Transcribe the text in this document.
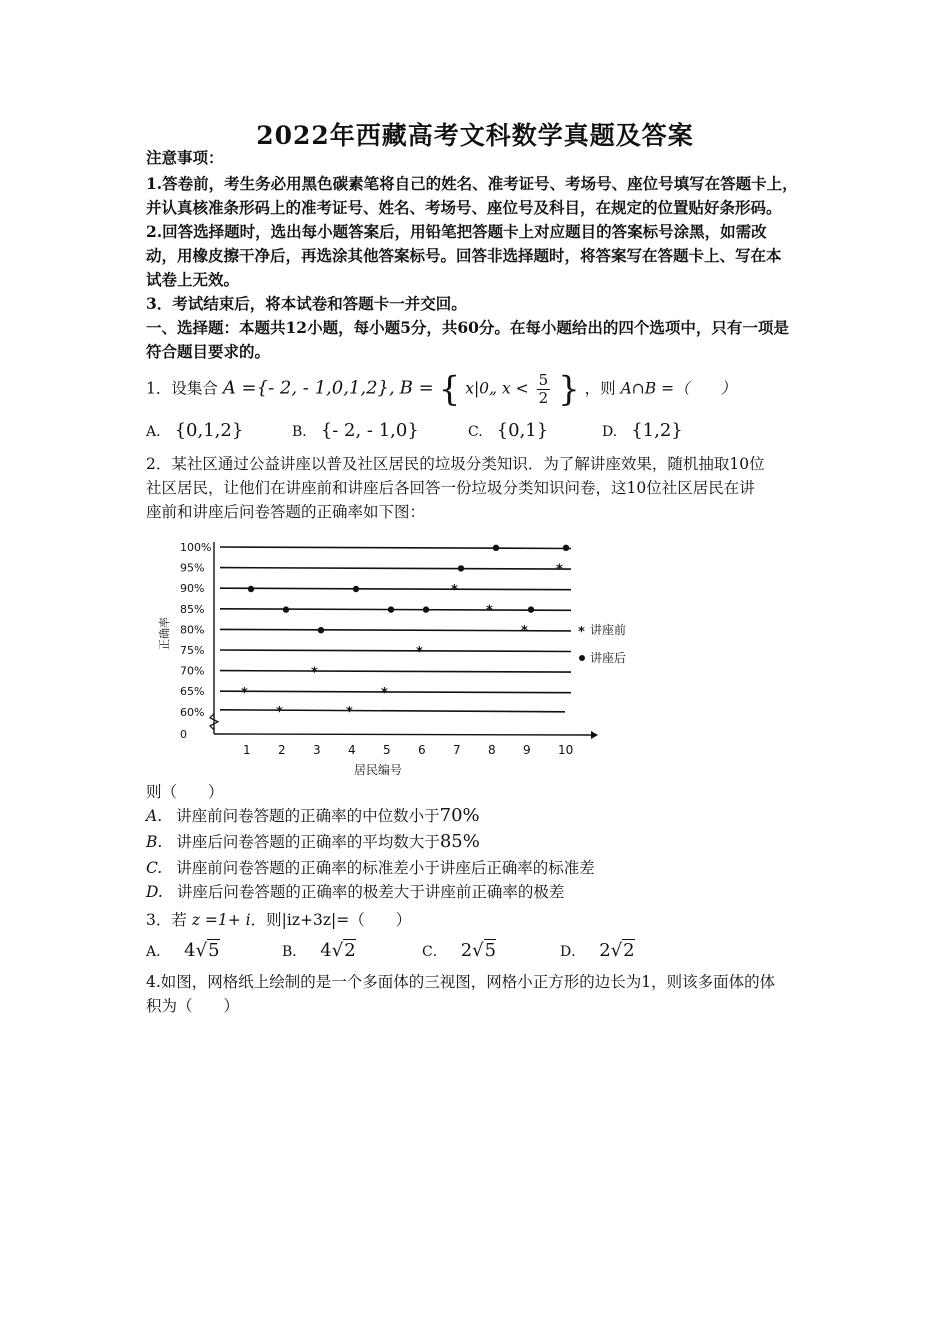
2022年西藏高考文科数学真题及答案
注意事项：
1.答卷前，考生务必用黑色碳素笔将自己的姓名、准考证号、考场号、座位号填写在答题卡上，
并认真核准条形码上的准考证号、姓名、考场号、座位号及科目，在规定的位置贴好条形码。
2.回答选择题时，选出每小题答案后，用铅笔把答题卡上对应题目的答案标号涂黑，如需改
动，用橡皮擦干净后，再选涂其他答案标号。回答非选择题时，将答案写在答题卡上、写在本
试卷上无效。
3．考试结束后，将本试卷和答题卡一并交回。
一、选择题：本题共12小题，每小题5分，共60分。在每小题给出的四个选项中，只有一项是
符合题目要求的。
1．设集合 A ={- 2, - 1,0,1,2}, B = { x|0„ $x < \frac{5}{2}$ } ，则 A∩B =（　　）
A. {0,1,2}	B. {- 2, - 1,0}	C. {0,1}	D. {1,2}
2．某社区通过公益讲座以普及社区居民的垃圾分类知识．为了解讲座效果，随机抽取10位
社区居民，让他们在讲座前和讲座后各回答一份垃圾分类知识问卷，这10位社区居民在讲
座前和讲座后问卷答题的正确率如下图：
0
60%
65%
70%
75%
80%
85%
90%
95%
100%
1 2 3 4 5 6 7 8 9 10
居民编号
正确率
*
*
*
*
*
*
*
*
*
*
* 讲座前
讲座后
则（　　）
A. 讲座前问卷答题的正确率的中位数小于70%
B. 讲座后问卷答题的正确率的平均数大于85%
C. 讲座前问卷答题的正确率的标准差小于讲座后正确率的标准差
D. 讲座后问卷答题的正确率的极差大于讲座前正确率的极差
3．若 z =1+ i．则|iz+3z|=（　　）
A． 4√5	B． 4√2	C． 2√5	D． 2√2
4.如图，网格纸上绘制的是一个多面体的三视图，网格小正方形的边长为1，则该多面体的体
积为（　　）
